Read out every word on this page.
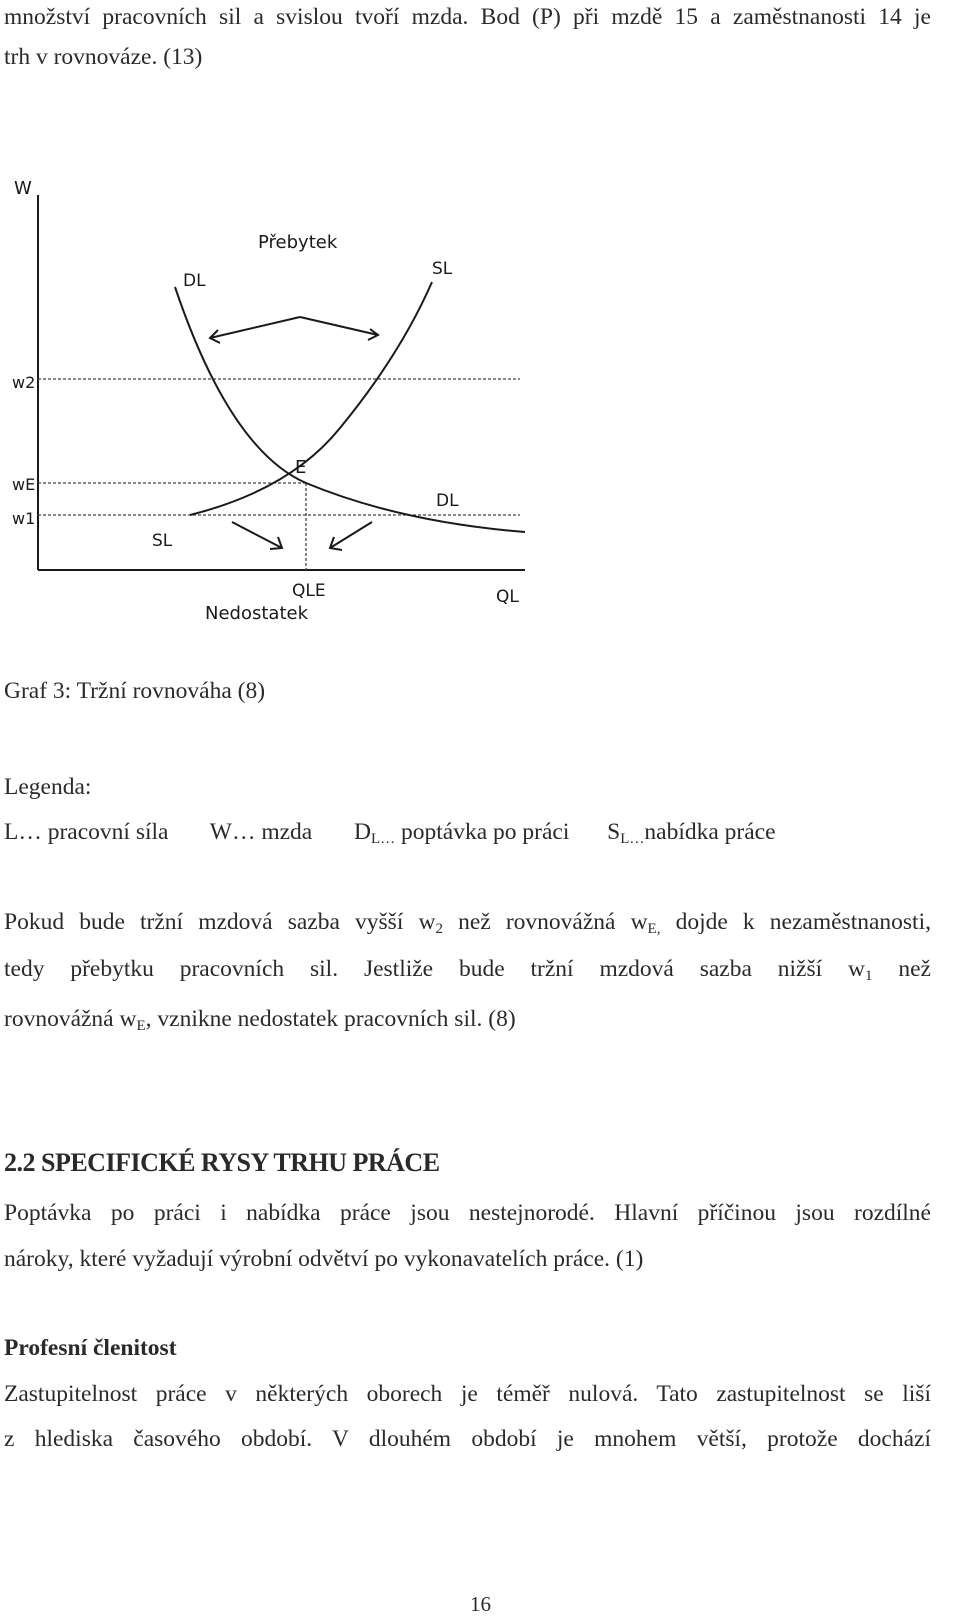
množství pracovních sil a svislou tvoří mzda. Bod (P) při mzdě 15 a zaměstnanosti 14 je
trh v rovnováze. (13)
W
w2
wE
w1
Přebytek
DL
SL
E
DL
SL
QLE
Nedostatek
QL
Graf 3: Tržní rovnováha (8)
Legenda:
L… pracovní síla W… mzda DL… poptávka po práci SL…nabídka práce
Pokud bude tržní mzdová sazba vyšší w2 než rovnovážná wE, dojde k nezaměstnanosti,
tedy přebytku pracovních sil. Jestliže bude tržní mzdová sazba nižší w1 než
rovnovážná wE, vznikne nedostatek pracovních sil. (8)
2.2 SPECIFICKÉ RYSY TRHU PRÁCE
Poptávka po práci i nabídka práce jsou nestejnorodé. Hlavní příčinou jsou rozdílné
nároky, které vyžadují výrobní odvětví po vykonavatelích práce. (1)
Profesní členitost
Zastupitelnost práce v některých oborech je téměř nulová. Tato zastupitelnost se liší
z hlediska časového období. V dlouhém období je mnohem větší, protože dochází
16
